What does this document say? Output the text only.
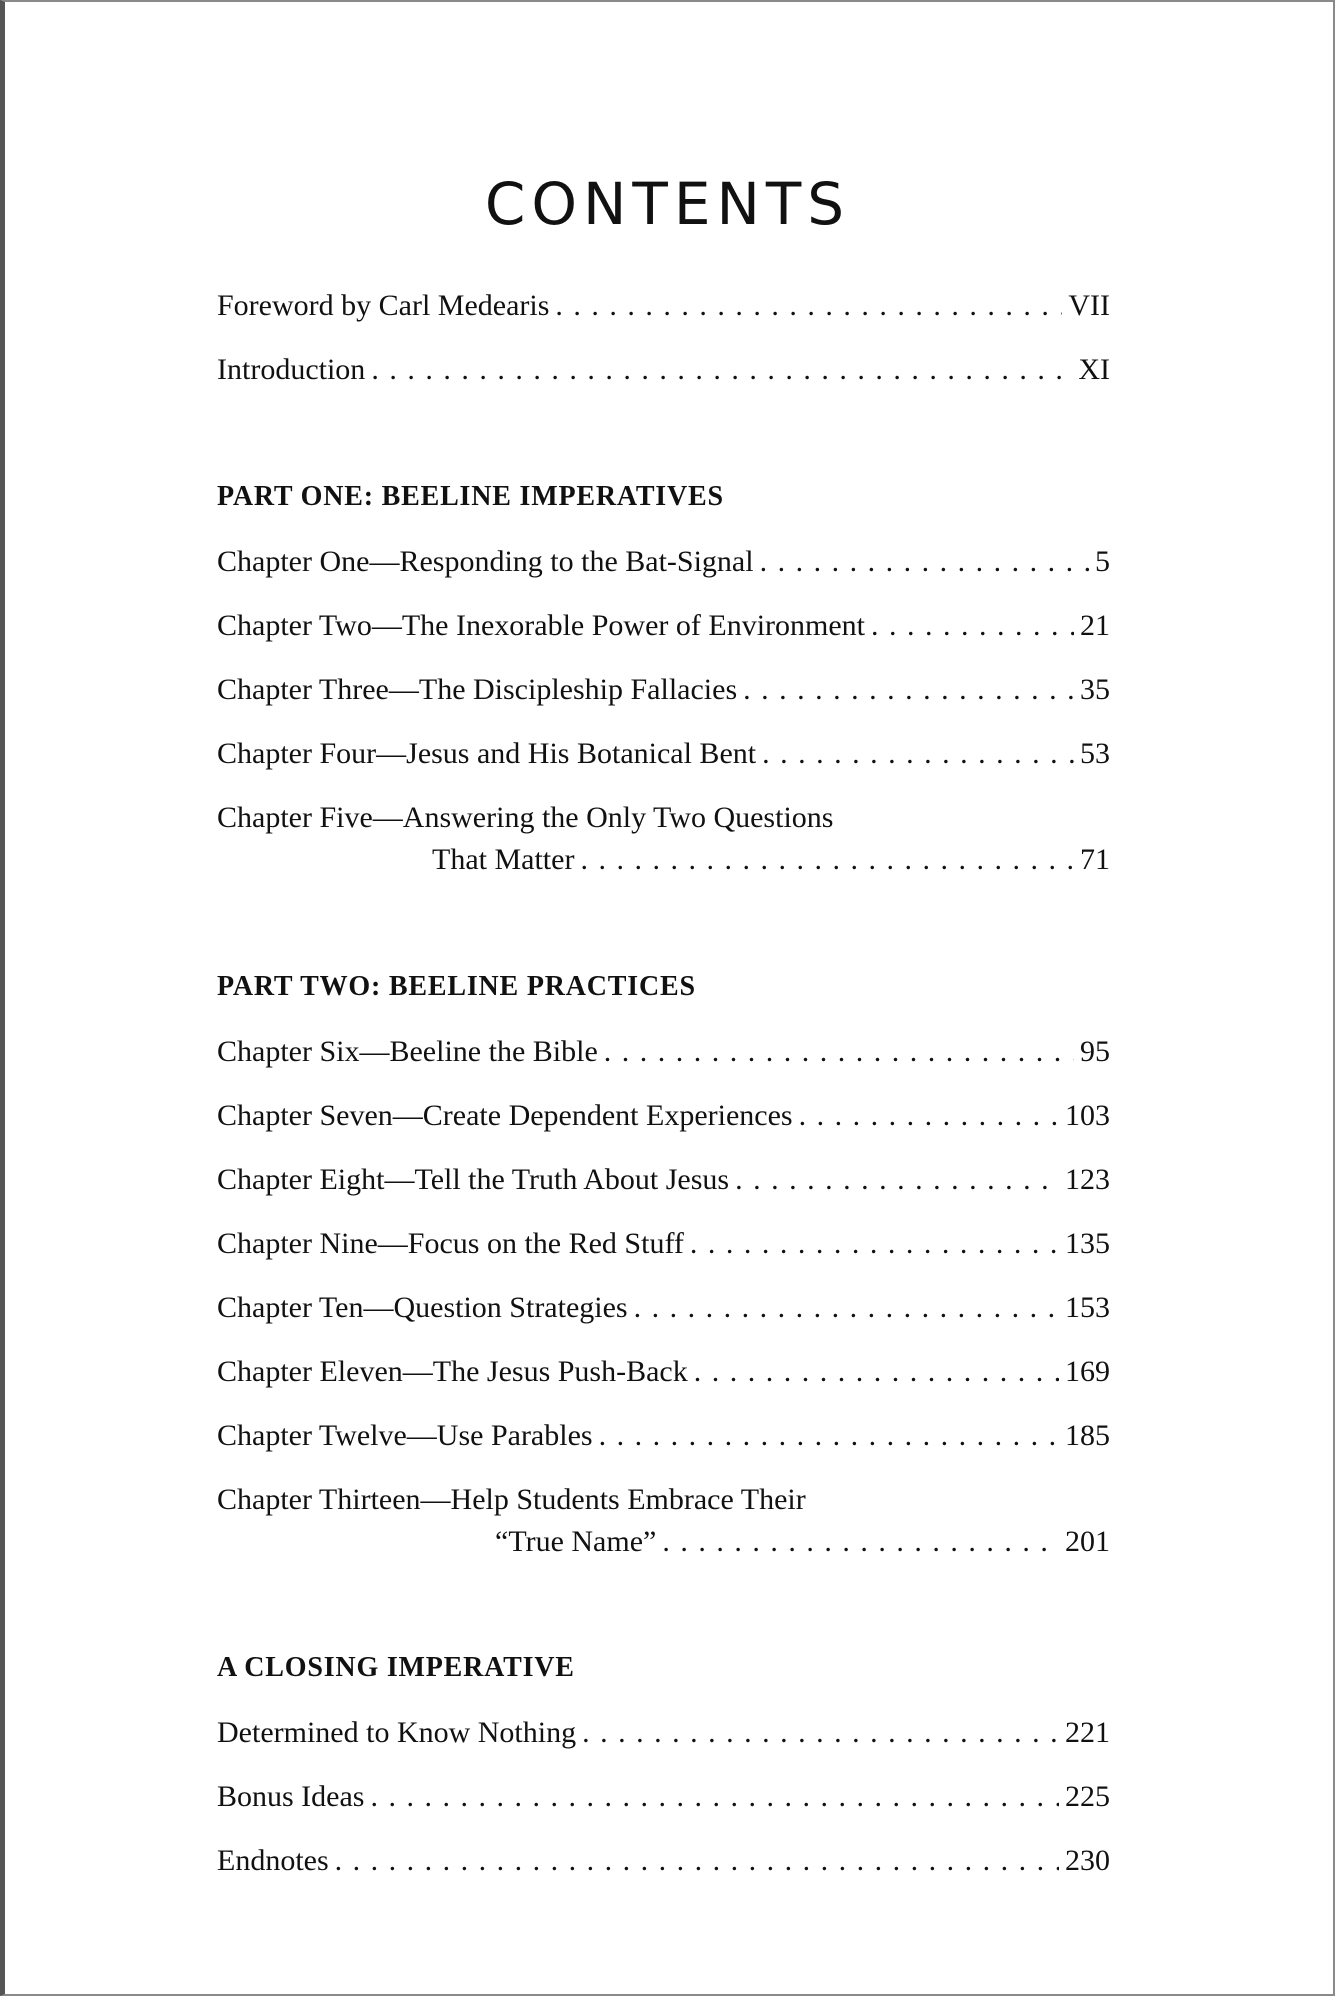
CONTENTS
Foreword by Carl Medearis . . .	VII
Introduction . . .	XI
PART ONE: BEELINE IMPERATIVES
Chapter One—Responding to the Bat-Signal . . .	5
Chapter Two—The Inexorable Power of Environment . . .	21
Chapter Three—The Discipleship Fallacies . . .	35
Chapter Four—Jesus and His Botanical Bent . . .	53
Chapter Five—Answering the Only Two Questions
That Matter . . .	71
PART TWO: BEELINE PRACTICES
Chapter Six—Beeline the Bible . . .	95
Chapter Seven—Create Dependent Experiences . . .	103
Chapter Eight—Tell the Truth About Jesus . . .	123
Chapter Nine—Focus on the Red Stuff . . .	135
Chapter Ten—Question Strategies . . .	153
Chapter Eleven—The Jesus Push-Back . . .	169
Chapter Twelve—Use Parables . . .	185
Chapter Thirteen—Help Students Embrace Their
“True Name” . . .	201
A CLOSING IMPERATIVE
Determined to Know Nothing . . .	221
Bonus Ideas . . .	225
Endnotes . . .	230
